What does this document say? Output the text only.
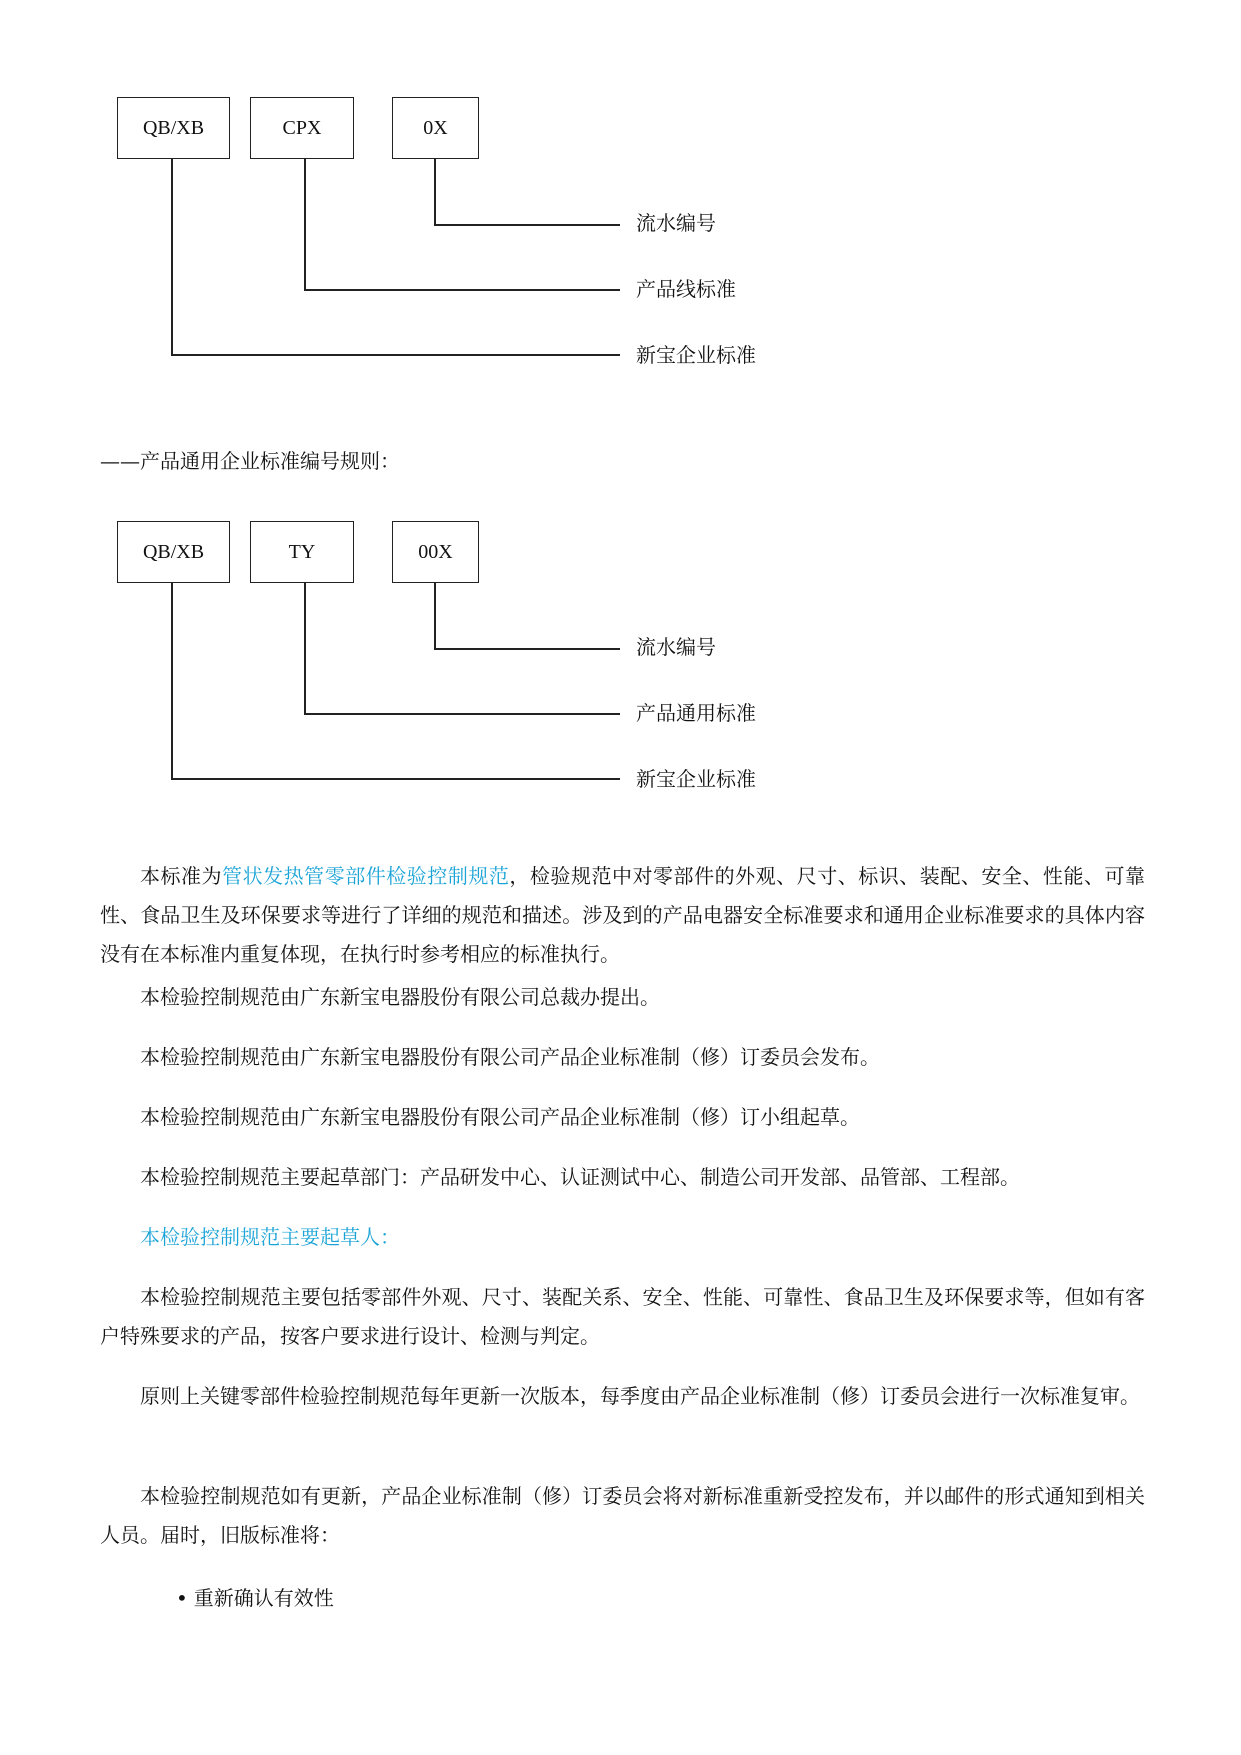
QB/XB	CPX	0X
流水编号
产品线标准
新宝企业标准
——产品通用企业标准编号规则：
QB/XB	TY	00X
流水编号
产品通用标准
新宝企业标准

本标准为管状发热管零部件检验控制规范，检验规范中对零部件的外观、尺寸、标识、装配、安全、性能、可靠性、食品卫生及环保要求等进行了详细的规范和描述。涉及到的产品电器安全标准要求和通用企业标准要求的具体内容没有在本标准内重复体现，在执行时参考相应的标准执行。

本检验控制规范由广东新宝电器股份有限公司总裁办提出。

本检验控制规范由广东新宝电器股份有限公司产品企业标准制（修）订委员会发布。

本检验控制规范由广东新宝电器股份有限公司产品企业标准制（修）订小组起草。

本检验控制规范主要起草部门：产品研发中心、认证测试中心、制造公司开发部、品管部、工程部。

本检验控制规范主要起草人：

本检验控制规范主要包括零部件外观、尺寸、装配关系、安全、性能、可靠性、食品卫生及环保要求等，但如有客户特殊要求的产品，按客户要求进行设计、检测与判定。

原则上关键零部件检验控制规范每年更新一次版本，每季度由产品企业标准制（修）订委员会进行一次标准复审。

本检验控制规范如有更新，产品企业标准制（修）订委员会将对新标准重新受控发布，并以邮件的形式通知到相关人员。届时，旧版标准将：

• 重新确认有效性
